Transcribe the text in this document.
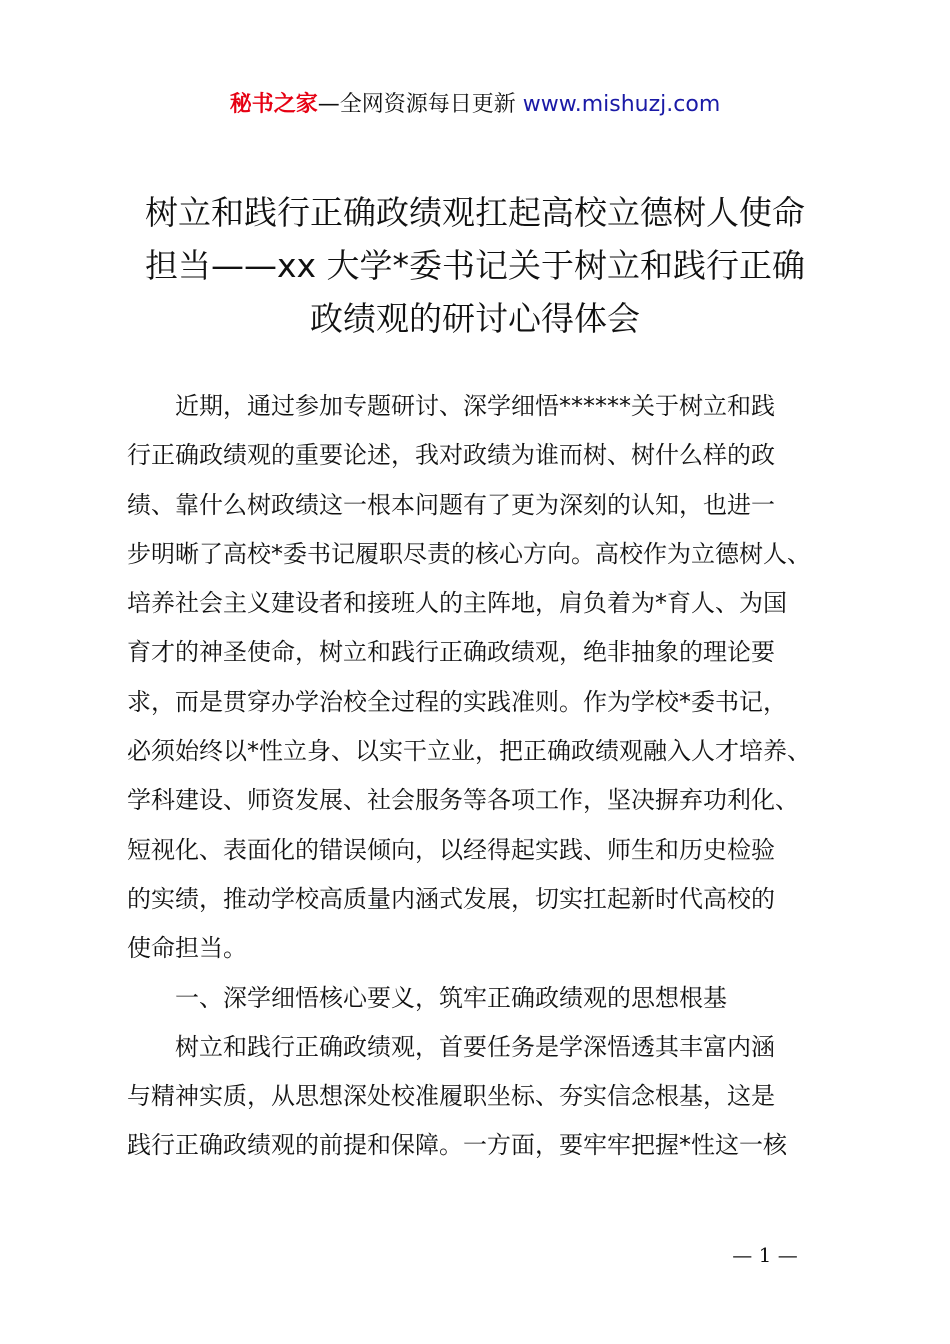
秘书之家—全网资源每日更新 www.mishuzj.com
树立和践行正确政绩观扛起高校立德树人使命
担当——xx 大学*委书记关于树立和践行正确
政绩观的研讨心得体会

　　近期，通过参加专题研讨、深学细悟******关于树立和践
行正确政绩观的重要论述，我对政绩为谁而树、树什么样的政
绩、靠什么树政绩这一根本问题有了更为深刻的认知，也进一
步明晰了高校*委书记履职尽责的核心方向。高校作为立德树人、
培养社会主义建设者和接班人的主阵地，肩负着为*育人、为国
育才的神圣使命，树立和践行正确政绩观，绝非抽象的理论要
求，而是贯穿办学治校全过程的实践准则。作为学校*委书记，
必须始终以*性立身、以实干立业，把正确政绩观融入人才培养、
学科建设、师资发展、社会服务等各项工作，坚决摒弃功利化、
短视化、表面化的错误倾向，以经得起实践、师生和历史检验
的实绩，推动学校高质量内涵式发展，切实扛起新时代高校的
使命担当。

　　一、深学细悟核心要义，筑牢正确政绩观的思想根基

　　树立和践行正确政绩观，首要任务是学深悟透其丰富内涵
与精神实质，从思想深处校准履职坐标、夯实信念根基，这是
践行正确政绩观的前提和保障。一方面，要牢牢把握*性这一核

— 1 —
